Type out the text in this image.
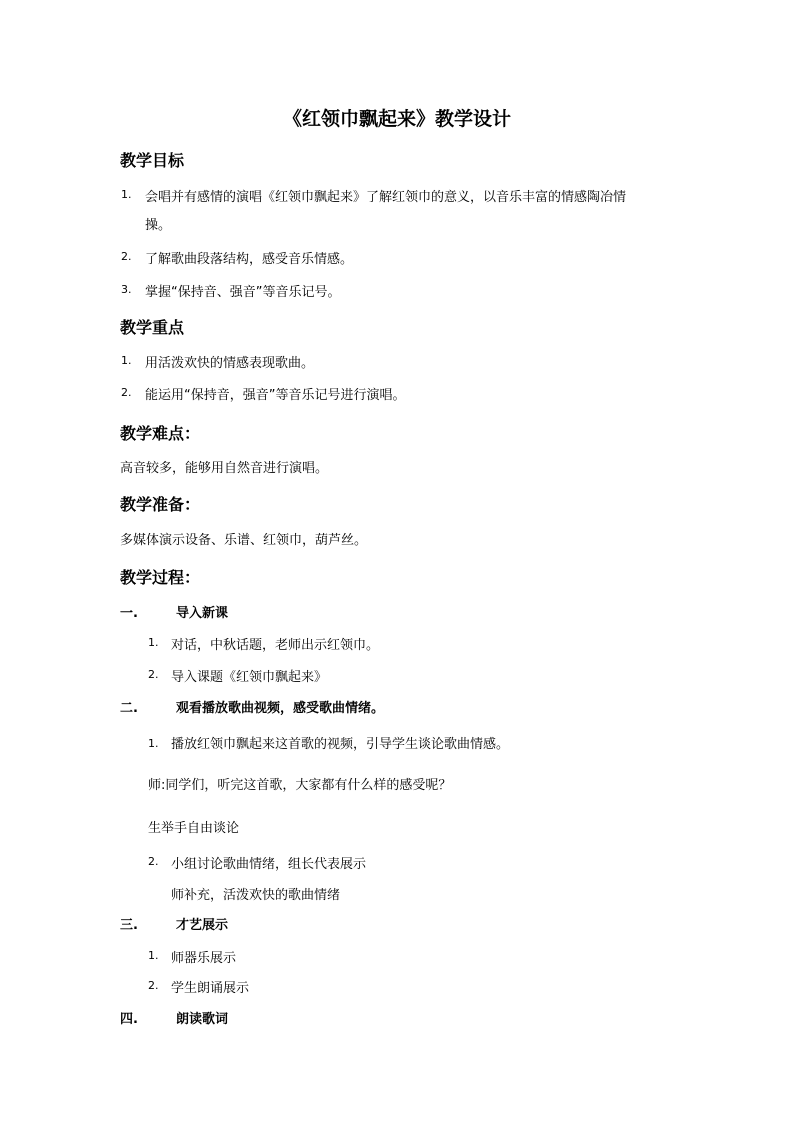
《红领巾飘起来》教学设计
教学目标
1. 会唱并有感情的演唱《红领巾飘起来》了解红领巾的意义，以音乐丰富的情感陶冶情
操。
2. 了解歌曲段落结构，感受音乐情感。
3. 掌握“保持音、强音”等音乐记号。
教学重点
1. 用活泼欢快的情感表现歌曲。
2. 能运用“保持音，强音”等音乐记号进行演唱。
教学难点：
高音较多，能够用自然音进行演唱。
教学准备：
多媒体演示设备、乐谱、红领巾，葫芦丝。
教学过程：
一.	导入新课
1. 对话，中秋话题，老师出示红领巾。
2. 导入课题《红领巾飘起来》
二.	观看播放歌曲视频，感受歌曲情绪。
1. 播放红领巾飘起来这首歌的视频，引导学生谈论歌曲情感。
师:同学们，听完这首歌，大家都有什么样的感受呢？
生举手自由谈论
2. 小组讨论歌曲情绪，组长代表展示
师补充，活泼欢快的歌曲情绪
三.	才艺展示
1. 师器乐展示
2. 学生朗诵展示
四.	朗读歌词
